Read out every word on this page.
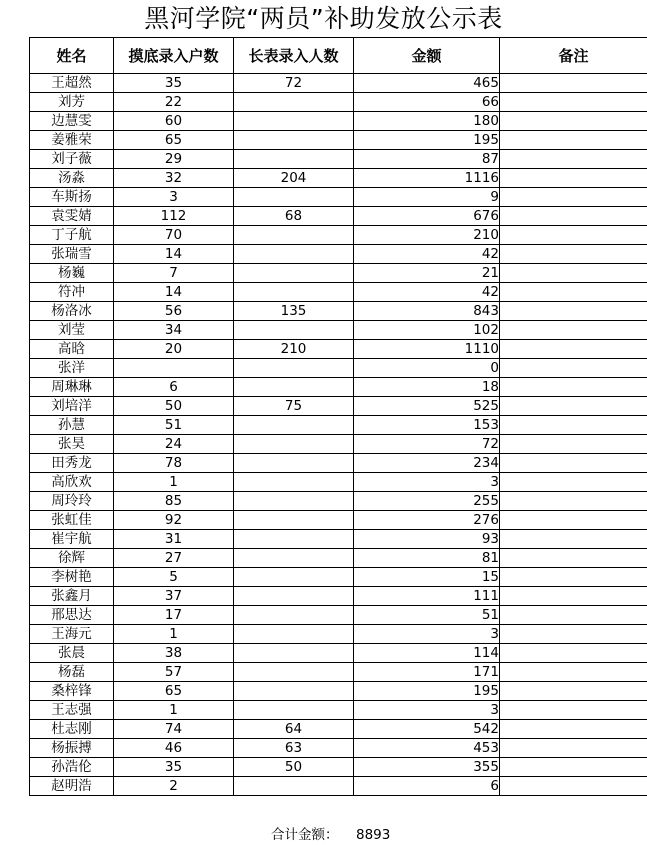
黑河学院“两员”补助发放公示表
姓名	摸底录入户数	长表录入人数	金额	备注
王超然	35	72	465	
刘芳	22		66	
边慧雯	60		180	
姜雅荣	65		195	
刘子薇	29		87	
汤淼	32	204	1116	
车斯扬	3		9	
袁雯婧	112	68	676	
丁子航	70		210	
张瑞雪	14		42	
杨巍	7		21	
符冲	14		42	
杨洛冰	56	135	843	
刘莹	34		102	
高晗	20	210	1110	
张洋			0	
周琳琳	6		18	
刘培洋	50	75	525	
孙慧	51		153	
张昊	24		72	
田秀龙	78		234	
高欣欢	1		3	
周玲玲	85		255	
张虹佳	92		276	
崔宇航	31		93	
徐辉	27		81	
李树艳	5		15	
张鑫月	37		111	
邢思达	17		51	
王海元	1		3	
张晨	38		114	
杨磊	57		171	
桑梓锋	65		195	
王志强	1		3	
杜志刚	74	64	542	
杨振搏	46	63	453	
孙浩伦	35	50	355	
赵明浩	2		6	
合计金额： 8893
